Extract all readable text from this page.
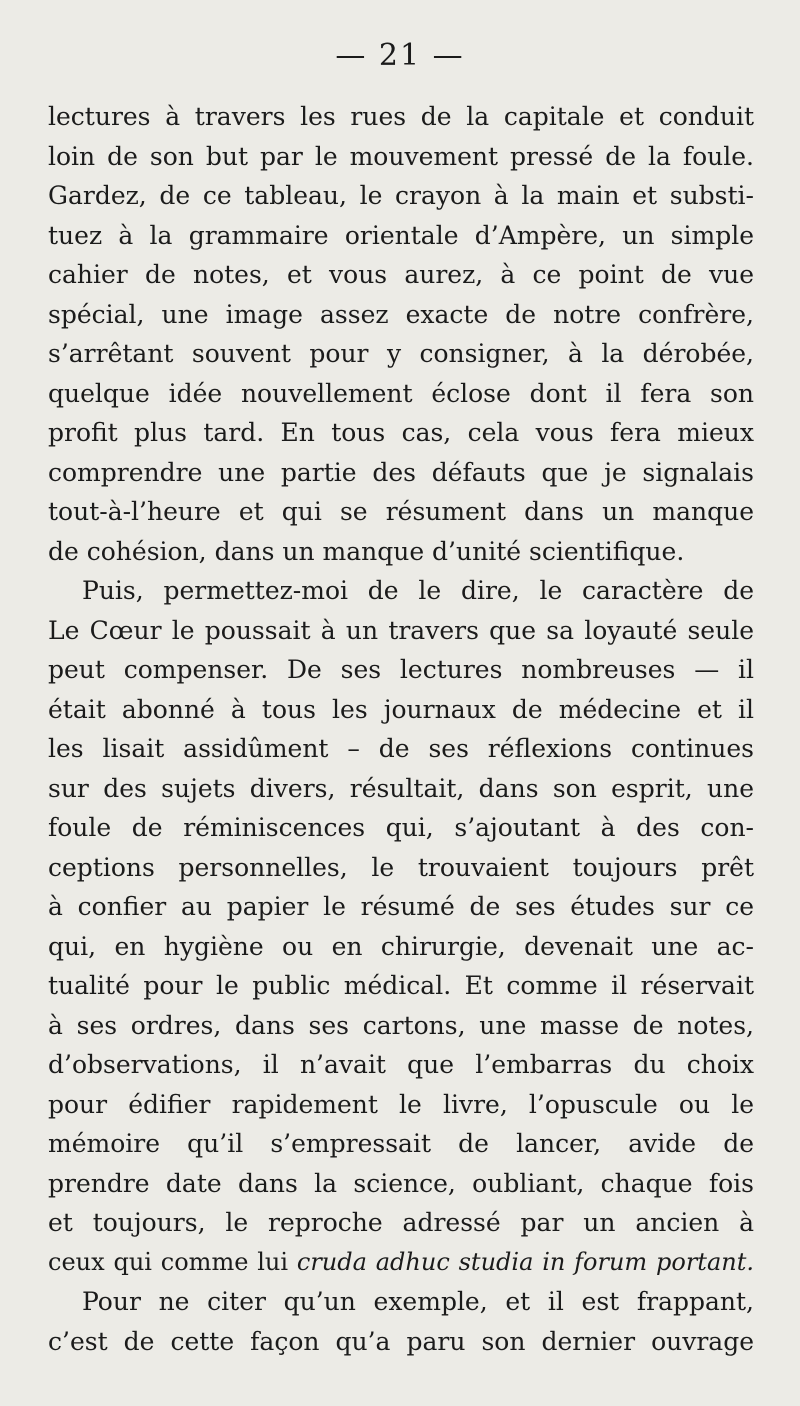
— 21 —

lectures à travers les rues de la capitale et conduit
loin de son but par le mouvement pressé de la foule.
Gardez, de ce tableau, le crayon à la main et substi-
tuez à la grammaire orientale d’Ampère, un simple
cahier de notes, et vous aurez, à ce point de vue
spécial, une image assez exacte de notre confrère,
s’arrêtant souvent pour y consigner, à la dérobée,
quelque idée nouvellement éclose dont il fera son
profit plus tard. En tous cas, cela vous fera mieux
comprendre une partie des défauts que je signalais
tout-à-l’heure et qui se résument dans un manque
de cohésion, dans un manque d’unité scientifique.
Puis, permettez-moi de le dire, le caractère de
Le Cœur le poussait à un travers que sa loyauté seule
peut compenser. De ses lectures nombreuses — il
était abonné à tous les journaux de médecine et il
les lisait assidûment – de ses réflexions continues
sur des sujets divers, résultait, dans son esprit, une
foule de réminiscences qui, s’ajoutant à des con-
ceptions personnelles, le trouvaient toujours prêt
à confier au papier le résumé de ses études sur ce
qui, en hygiène ou en chirurgie, devenait une ac-
tualité pour le public médical. Et comme il réservait
à ses ordres, dans ses cartons, une masse de notes,
d’observations, il n’avait que l’embarras du choix
pour édifier rapidement le livre, l’opuscule ou le
mémoire qu’il s’empressait de lancer, avide de
prendre date dans la science, oubliant, chaque fois
et toujours, le reproche adressé par un ancien à
ceux qui comme lui cruda adhuc studia in forum portant.
Pour ne citer qu’un exemple, et il est frappant,
c’est de cette façon qu’a paru son dernier ouvrage
